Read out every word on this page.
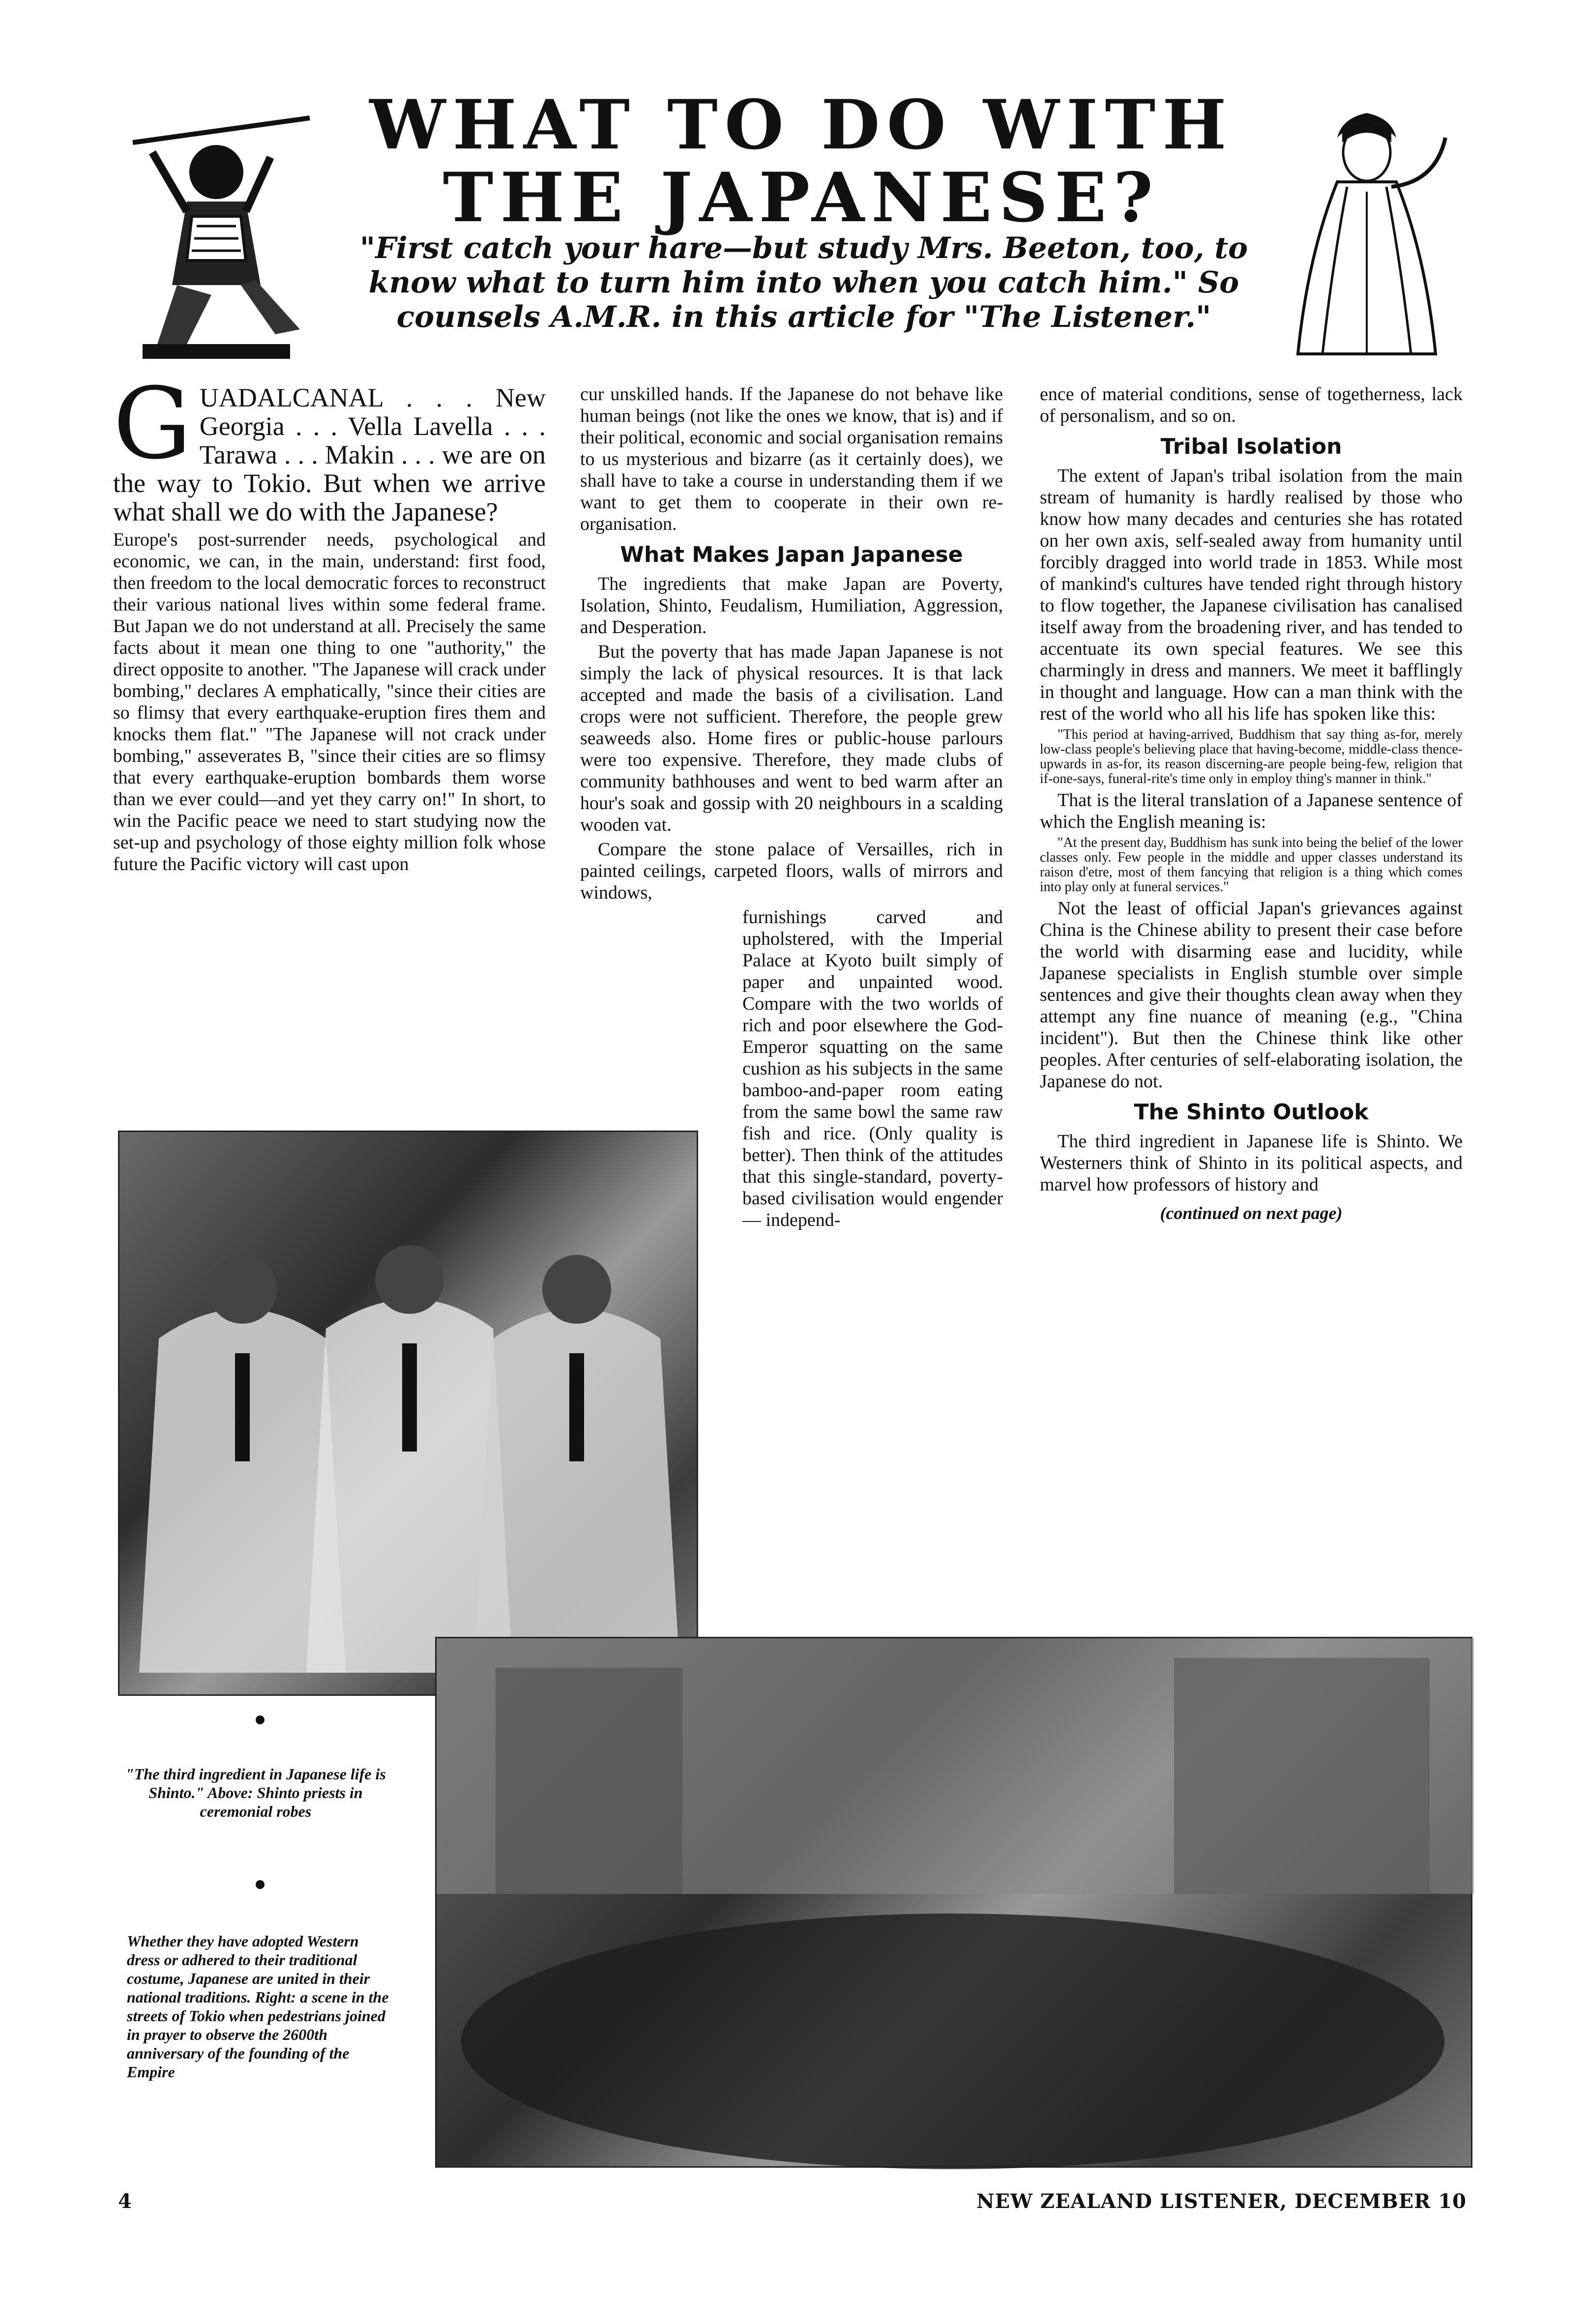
WHAT TO DO WITH
THE JAPANESE?
"First catch your hare—but study Mrs. Beeton, too, to know what to turn him into when you catch him." So counsels A.M.R. in this article for "The Listener."

GUADALCANAL . . . New Georgia . . . Vella Lavella . . . Tarawa . . . Makin . . . we are on the way to Tokio. But when we arrive what shall we do with the Japanese?

Europe's post-surrender needs, psychological and economic, we can, in the main, understand: first food, then freedom to the local democratic forces to reconstruct their various national lives within some federal frame. But Japan we do not understand at all. Precisely the same facts about it mean one thing to one "authority," the direct opposite to another. "The Japanese will crack under bombing," declares A emphatically, "since their cities are so flimsy that every earthquake-eruption fires them and knocks them flat." "The Japanese will not crack under bombing," asseverates B, "since their cities are so flimsy that every earthquake-eruption bombards them worse than we ever could—and yet they carry on!" In short, to win the Pacific peace we need to start studying now the set-up and psychology of those eighty million folk whose future the Pacific victory will cast upon

cur unskilled hands. If the Japanese do not behave like human beings (not like the ones we know, that is) and if their political, economic and social organisation remains to us mysterious and bizarre (as it certainly does), we shall have to take a course in understanding them if we want to get them to cooperate in their own re-organisation.

What Makes Japan Japanese

The ingredients that make Japan are Poverty, Isolation, Shinto, Feudalism, Humiliation, Aggression, and Desperation.

But the poverty that has made Japan Japanese is not simply the lack of physical resources. It is that lack accepted and made the basis of a civilisation. Land crops were not sufficient. Therefore, the people grew seaweeds also. Home fires or public-house parlours were too expensive. Therefore, they made clubs of community bathhouses and went to bed warm after an hour's soak and gossip with 20 neighbours in a scalding wooden vat.

Compare the stone palace of Versailles, rich in painted ceilings, carpeted floors, walls of mirrors and windows,

furnishings carved and upholstered, with the Imperial Palace at Kyoto built simply of paper and unpainted wood. Compare with the two worlds of rich and poor elsewhere the God-Emperor squatting on the same cushion as his subjects in the same bamboo-and-paper room eating from the same bowl the same raw fish and rice. (Only quality is better). Then think of the attitudes that this single-standard, poverty-based civilisation would engender — independ-

ence of material conditions, sense of togetherness, lack of personalism, and so on.

Tribal Isolation

The extent of Japan's tribal isolation from the main stream of humanity is hardly realised by those who know how many decades and centuries she has rotated on her own axis, self-sealed away from humanity until forcibly dragged into world trade in 1853. While most of mankind's cultures have tended right through history to flow together, the Japanese civilisation has canalised itself away from the broadening river, and has tended to accentuate its own special features. We see this charmingly in dress and manners. We meet it bafflingly in thought and language. How can a man think with the rest of the world who all his life has spoken like this:

"This period at having-arrived, Buddhism that say thing as-for, merely low-class people's believing place that having-become, middle-class thence-upwards in as-for, its reason discerning-are people being-few, religion that if-one-says, funeral-rite's time only in employ thing's manner in think."

That is the literal translation of a Japanese sentence of which the English meaning is:

"At the present day, Buddhism has sunk into being the belief of the lower classes only. Few people in the middle and upper classes understand its raison d'etre, most of them fancying that religion is a thing which comes into play only at funeral services."

Not the least of official Japan's grievances against China is the Chinese ability to present their case before the world with disarming ease and lucidity, while Japanese specialists in English stumble over simple sentences and give their thoughts clean away when they attempt any fine nuance of meaning (e.g., "China incident"). But then the Chinese think like other peoples. After centuries of self-elaborating isolation, the Japanese do not.

The Shinto Outlook

The third ingredient in Japanese life is Shinto. We Westerners think of Shinto in its political aspects, and marvel how professors of history and

(continued on next page)
"The third ingredient in Japanese life is Shinto." Above: Shinto priests in ceremonial robes
Whether they have adopted Western dress or adhered to their traditional costume, Japanese are united in their national traditions. Right: a scene in the streets of Tokio when pedestrians joined in prayer to observe the 2600th anniversary of the founding of the Empire
4	NEW ZEALAND LISTENER, DECEMBER 10
